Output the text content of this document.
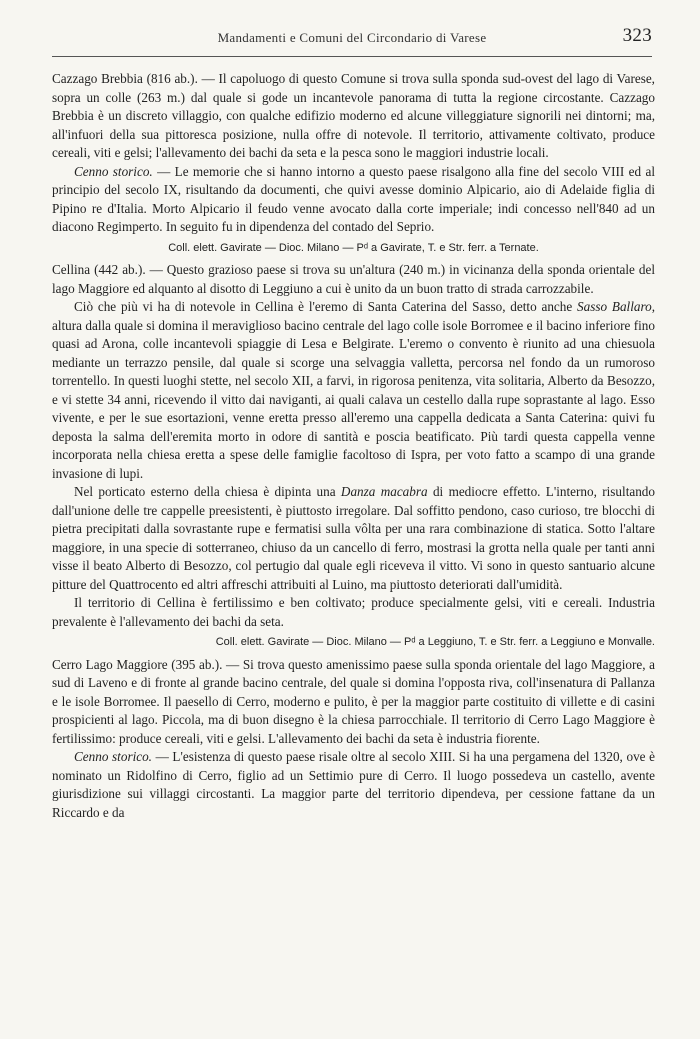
Mandamenti e Comuni del Circondario di Varese	323

Cazzago Brebbia (816 ab.). — Il capoluogo di questo Comune si trova sulla sponda sud-ovest del lago di Varese, sopra un colle (263 m.) dal quale si gode un incantevole panorama di tutta la regione circostante. Cazzago Brebbia è un discreto villaggio, con qualche edifizio moderno ed alcune villeggiature signorili nei dintorni; ma, all'infuori della sua pittoresca posizione, nulla offre di notevole. Il territorio, attivamente coltivato, produce cereali, viti e gelsi; l'allevamento dei bachi da seta e la pesca sono le maggiori industrie locali.

Cenno storico. — Le memorie che si hanno intorno a questo paese risalgono alla fine del secolo VIII ed al principio del secolo IX, risultando da documenti, che quivi avesse dominio Alpicario, aio di Adelaide figlia di Pipino re d'Italia. Morto Alpicario il feudo venne avocato dalla corte imperiale; indi concesso nell'840 ad un diacono Regimperto. In seguito fu in dipendenza del contado del Seprio.

Coll. elett. Gavirate — Dioc. Milano — Pᵈ a Gavirate, T. e Str. ferr. a Ternate.

Cellina (442 ab.). — Questo grazioso paese si trova su un'altura (240 m.) in vicinanza della sponda orientale del lago Maggiore ed alquanto al disotto di Leggiuno a cui è unito da un buon tratto di strada carrozzabile.

Ciò che più vi ha di notevole in Cellina è l'eremo di Santa Caterina del Sasso, detto anche Sasso Ballaro, altura dalla quale si domina il meraviglioso bacino centrale del lago colle isole Borromee e il bacino inferiore fino quasi ad Arona, colle incantevoli spiaggie di Lesa e Belgirate. L'eremo o convento è riunito ad una chiesuola mediante un terrazzo pensile, dal quale si scorge una selvaggia valletta, percorsa nel fondo da un rumoroso torrentello. In questi luoghi stette, nel secolo XII, a farvi, in rigorosa penitenza, vita solitaria, Alberto da Besozzo, e vi stette 34 anni, ricevendo il vitto dai naviganti, ai quali calava un cestello dalla rupe soprastante al lago. Esso vivente, e per le sue esortazioni, venne eretta presso all'eremo una cappella dedicata a Santa Caterina: quivi fu deposta la salma dell'eremita morto in odore di santità e poscia beatificato. Più tardi questa cappella venne incorporata nella chiesa eretta a spese delle famiglie facoltoso di Ispra, per voto fatto a scampo di una grande invasione di lupi.

Nel porticato esterno della chiesa è dipinta una Danza macabra di mediocre effetto. L'interno, risultando dall'unione delle tre cappelle preesistenti, è piuttosto irregolare. Dal soffitto pendono, caso curioso, tre blocchi di pietra precipitati dalla sovrastante rupe e fermatisi sulla vôlta per una rara combinazione di statica. Sotto l'altare maggiore, in una specie di sotterraneo, chiuso da un cancello di ferro, mostrasi la grotta nella quale per tanti anni visse il beato Alberto di Besozzo, col pertugio dal quale egli riceveva il vitto. Vi sono in questo santuario alcune pitture del Quattrocento ed altri affreschi attribuiti al Luino, ma piuttosto deteriorati dall'umidità.

Il territorio di Cellina è fertilissimo e ben coltivato; produce specialmente gelsi, viti e cereali. Industria prevalente è l'allevamento dei bachi da seta.

Coll. elett. Gavirate — Dioc. Milano — Pᵈ a Leggiuno, T. e Str. ferr. a Leggiuno e Monvalle.

Cerro Lago Maggiore (395 ab.). — Si trova questo amenissimo paese sulla sponda orientale del lago Maggiore, a sud di Laveno e di fronte al grande bacino centrale, del quale si domina l'opposta riva, coll'insenatura di Pallanza e le isole Borromee. Il paesello di Cerro, moderno e pulito, è per la maggior parte costituito di villette e di casini prospicienti al lago. Piccola, ma di buon disegno è la chiesa parrocchiale. Il territorio di Cerro Lago Maggiore è fertilissimo: produce cereali, viti e gelsi. L'allevamento dei bachi da seta è industria fiorente.

Cenno storico. — L'esistenza di questo paese risale oltre al secolo XIII. Si ha una pergamena del 1320, ove è nominato un Ridolfino di Cerro, figlio ad un Settimio pure di Cerro. Il luogo possedeva un castello, avente giurisdizione sui villaggi circostanti. La maggior parte del territorio dipendeva, per cessione fattane da un Riccardo e da
